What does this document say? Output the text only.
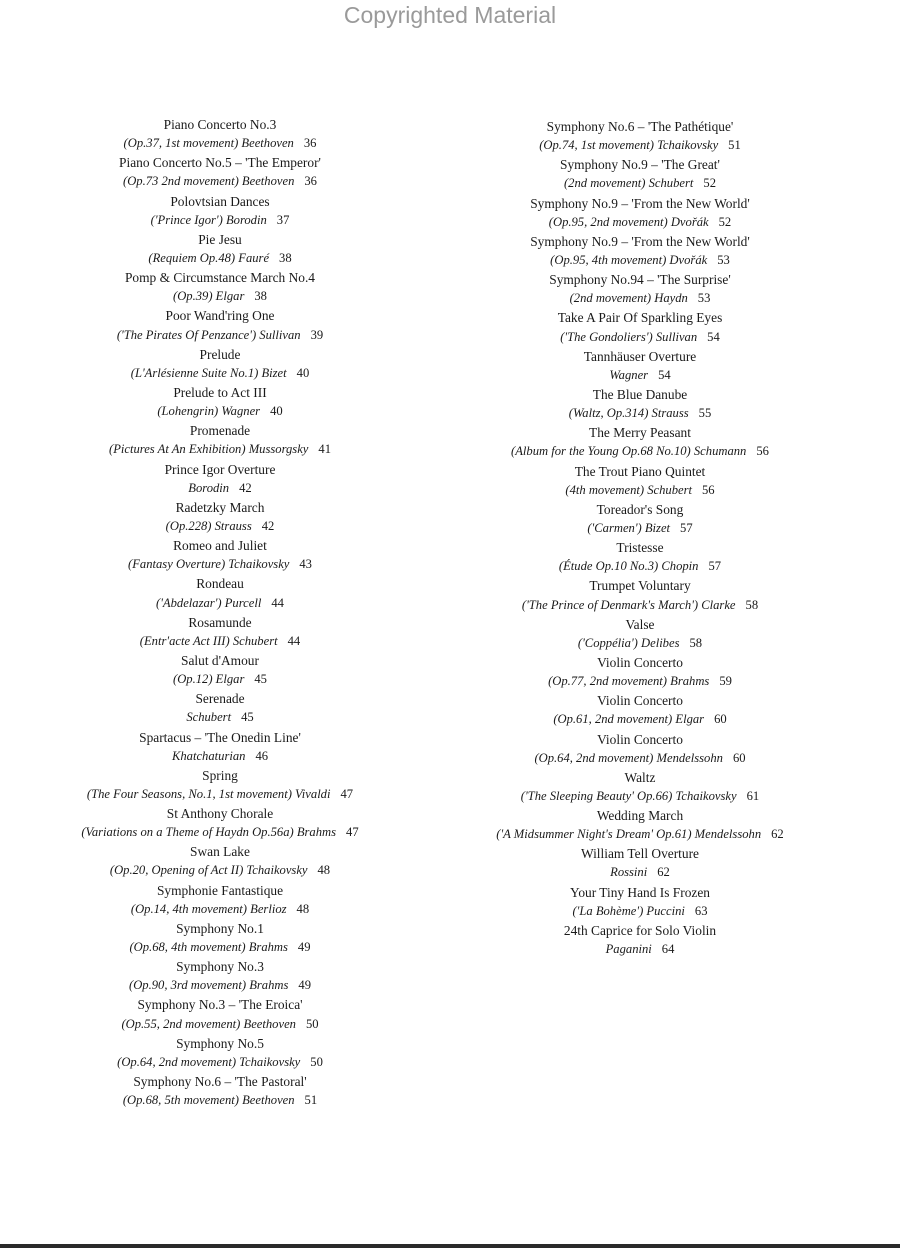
Copyrighted Material
Piano Concerto No.3
(Op.37, 1st movement) Beethoven 36
Piano Concerto No.5 – 'The Emperor'
(Op.73 2nd movement) Beethoven 36
Polovtsian Dances
('Prince Igor') Borodin 37
Pie Jesu
(Requiem Op.48) Fauré 38
Pomp & Circumstance March No.4
(Op.39) Elgar 38
Poor Wand'ring One
('The Pirates Of Penzance') Sullivan 39
Prelude
(L'Arlésienne Suite No.1) Bizet 40
Prelude to Act III
(Lohengrin) Wagner 40
Promenade
(Pictures At An Exhibition) Mussorgsky 41
Prince Igor Overture
Borodin 42
Radetzky March
(Op.228) Strauss 42
Romeo and Juliet
(Fantasy Overture) Tchaikovsky 43
Rondeau
('Abdelazar') Purcell 44
Rosamunde
(Entr'acte Act III) Schubert 44
Salut d'Amour
(Op.12) Elgar 45
Serenade
Schubert 45
Spartacus – 'The Onedin Line'
Khatchaturian 46
Spring
(The Four Seasons, No.1, 1st movement) Vivaldi 47
St Anthony Chorale
(Variations on a Theme of Haydn Op.56a) Brahms 47
Swan Lake
(Op.20, Opening of Act II) Tchaikovsky 48
Symphonie Fantastique
(Op.14, 4th movement) Berlioz 48
Symphony No.1
(Op.68, 4th movement) Brahms 49
Symphony No.3
(Op.90, 3rd movement) Brahms 49
Symphony No.3 – 'The Eroica'
(Op.55, 2nd movement) Beethoven 50
Symphony No.5
(Op.64, 2nd movement) Tchaikovsky 50
Symphony No.6 – 'The Pastoral'
(Op.68, 5th movement) Beethoven 51
Symphony No.6 – 'The Pathétique'
(Op.74, 1st movement) Tchaikovsky 51
Symphony No.9 – 'The Great'
(2nd movement) Schubert 52
Symphony No.9 – 'From the New World'
(Op.95, 2nd movement) Dvořák 52
Symphony No.9 – 'From the New World'
(Op.95, 4th movement) Dvořák 53
Symphony No.94 – 'The Surprise'
(2nd movement) Haydn 53
Take A Pair Of Sparkling Eyes
('The Gondoliers') Sullivan 54
Tannhäuser Overture
Wagner 54
The Blue Danube
(Waltz, Op.314) Strauss 55
The Merry Peasant
(Album for the Young Op.68 No.10) Schumann 56
The Trout Piano Quintet
(4th movement) Schubert 56
Toreador's Song
('Carmen') Bizet 57
Tristesse
(Étude Op.10 No.3) Chopin 57
Trumpet Voluntary
('The Prince of Denmark's March') Clarke 58
Valse
('Coppélia') Delibes 58
Violin Concerto
(Op.77, 2nd movement) Brahms 59
Violin Concerto
(Op.61, 2nd movement) Elgar 60
Violin Concerto
(Op.64, 2nd movement) Mendelssohn 60
Waltz
('The Sleeping Beauty' Op.66) Tchaikovsky 61
Wedding March
('A Midsummer Night's Dream' Op.61) Mendelssohn 62
William Tell Overture
Rossini 62
Your Tiny Hand Is Frozen
('La Bohème') Puccini 63
24th Caprice for Solo Violin
Paganini 64
